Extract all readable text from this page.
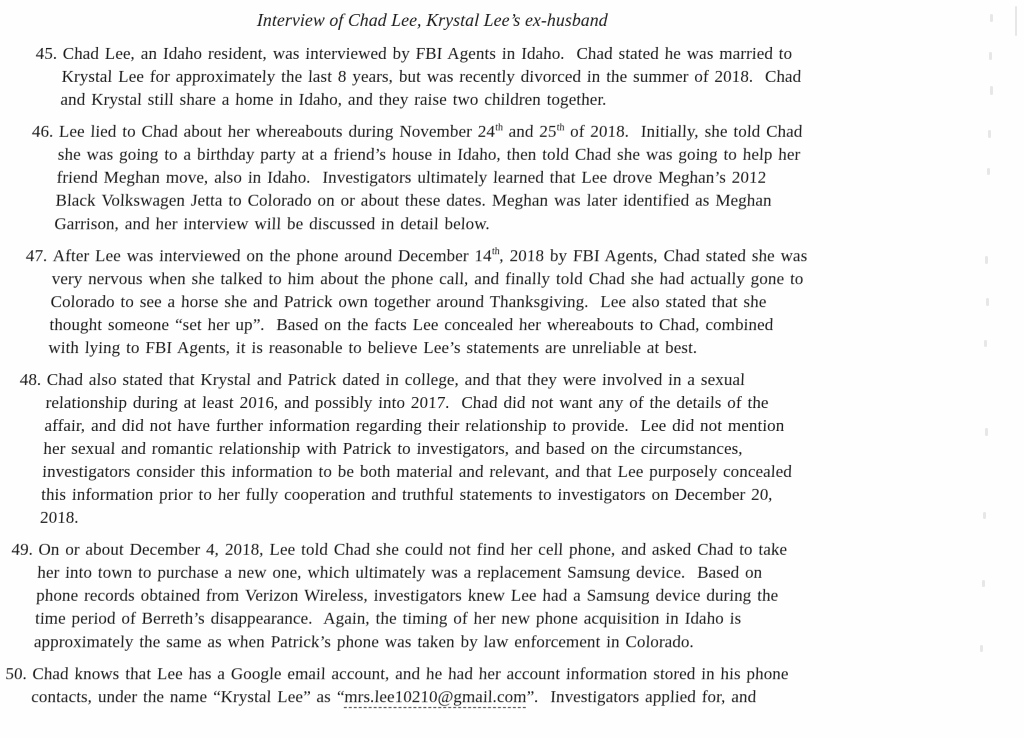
Interview of Chad Lee, Krystal Lee’s ex-husband
45. Chad Lee, an Idaho resident, was interviewed by FBI Agents in Idaho.  Chad stated he was married to
Krystal Lee for approximately the last 8 years, but was recently divorced in the summer of 2018.  Chad
and Krystal still share a home in Idaho, and they raise two children together.
46. Lee lied to Chad about her whereabouts during November 24th and 25th of 2018.  Initially, she told Chad
she was going to a birthday party at a friend’s house in Idaho, then told Chad she was going to help her
friend Meghan move, also in Idaho.  Investigators ultimately learned that Lee drove Meghan’s 2012
Black Volkswagen Jetta to Colorado on or about these dates. Meghan was later identified as Meghan
Garrison, and her interview will be discussed in detail below.
47. After Lee was interviewed on the phone around December 14th, 2018 by FBI Agents, Chad stated she was
very nervous when she talked to him about the phone call, and finally told Chad she had actually gone to
Colorado to see a horse she and Patrick own together around Thanksgiving.  Lee also stated that she
thought someone “set her up”.  Based on the facts Lee concealed her whereabouts to Chad, combined
with lying to FBI Agents, it is reasonable to believe Lee’s statements are unreliable at best.
48. Chad also stated that Krystal and Patrick dated in college, and that they were involved in a sexual
relationship during at least 2016, and possibly into 2017.  Chad did not want any of the details of the
affair, and did not have further information regarding their relationship to provide.  Lee did not mention
her sexual and romantic relationship with Patrick to investigators, and based on the circumstances,
investigators consider this information to be both material and relevant, and that Lee purposely concealed
this information prior to her fully cooperation and truthful statements to investigators on December 20,
2018.
49. On or about December 4, 2018, Lee told Chad she could not find her cell phone, and asked Chad to take
her into town to purchase a new one, which ultimately was a replacement Samsung device.  Based on
phone records obtained from Verizon Wireless, investigators knew Lee had a Samsung device during the
time period of Berreth’s disappearance.  Again, the timing of her new phone acquisition in Idaho is
approximately the same as when Patrick’s phone was taken by law enforcement in Colorado.
50. Chad knows that Lee has a Google email account, and he had her account information stored in his phone
contacts, under the name “Krystal Lee” as “mrs.lee10210@gmail.com”.  Investigators applied for, and
